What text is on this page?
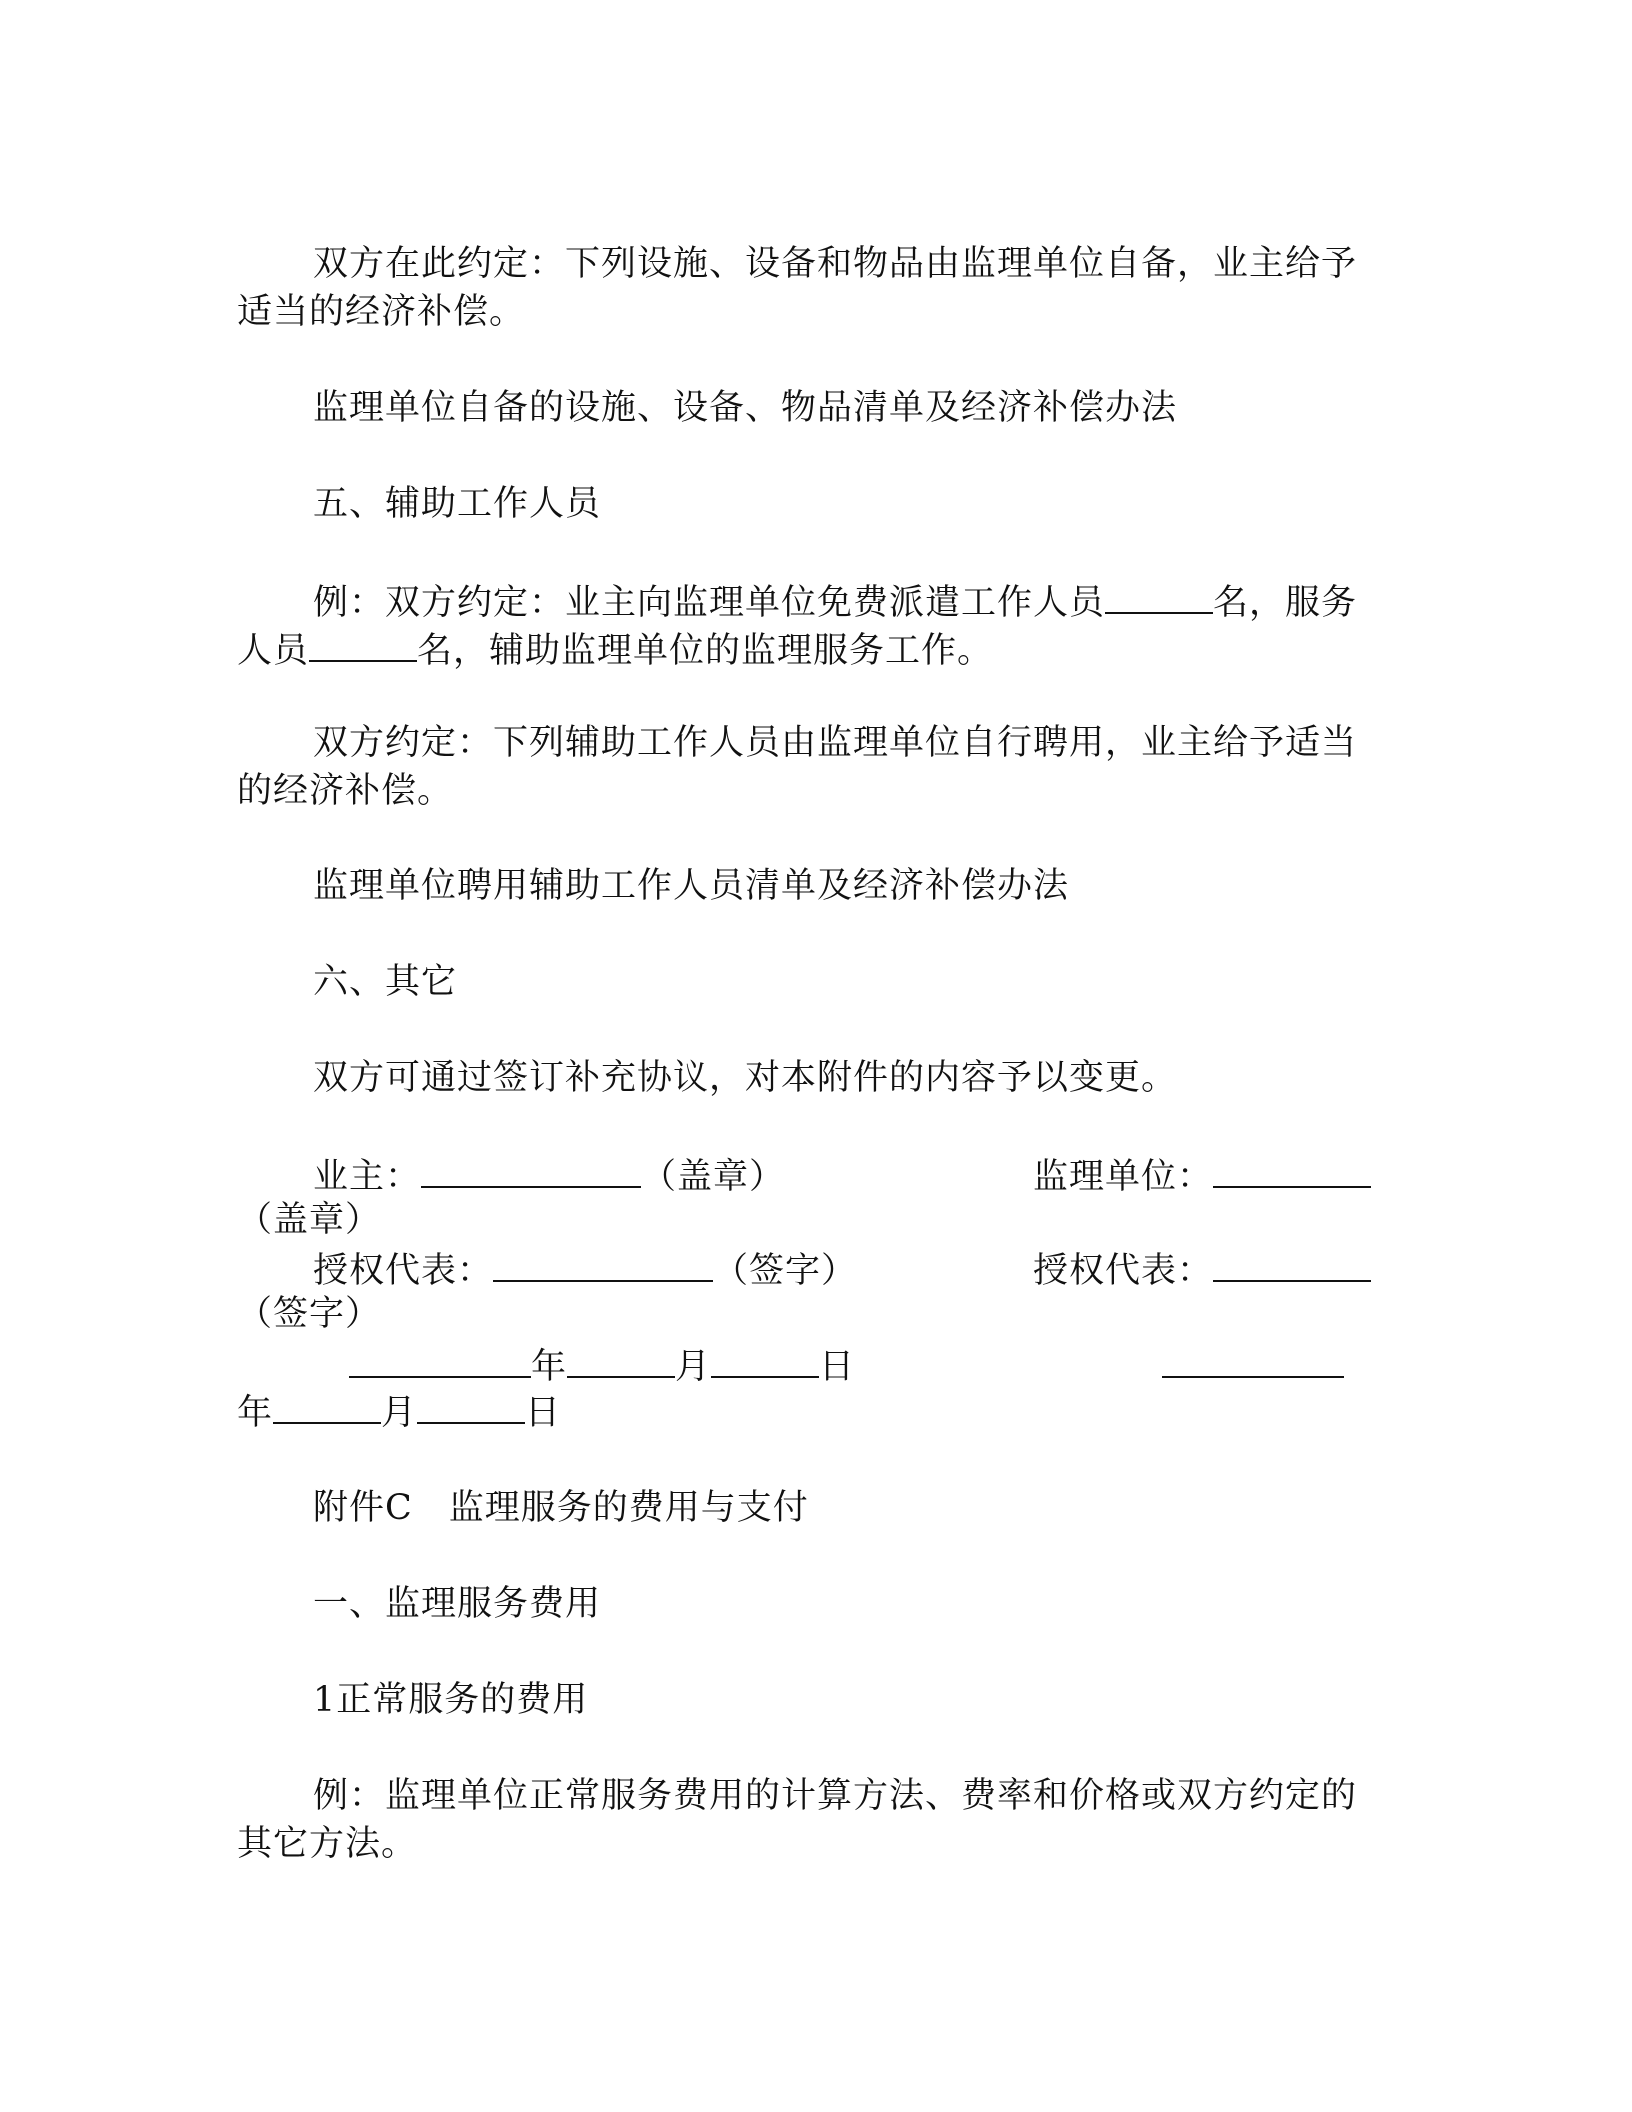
双方在此约定：下列设施、设备和物品由监理单位自备，业主给予
适当的经济补偿。
监理单位自备的设施、设备、物品清单及经济补偿办法
五、辅助工作人员
例：双方约定：业主向监理单位免费派遣工作人员	名，服务
人员	名，辅助监理单位的监理服务工作。
双方约定：下列辅助工作人员由监理单位自行聘用，业主给予适当
的经济补偿。
监理单位聘用辅助工作人员清单及经济补偿办法
六、其它
双方可通过签订补充协议，对本附件的内容予以变更。
业主：	（盖章）	监理单位：
（盖章）
授权代表：	（签字）	授权代表：
（签字）
年	月	日
年	月	日
附件C　监理服务的费用与支付
一、监理服务费用
1正常服务的费用
例：监理单位正常服务费用的计算方法、费率和价格或双方约定的
其它方法。
